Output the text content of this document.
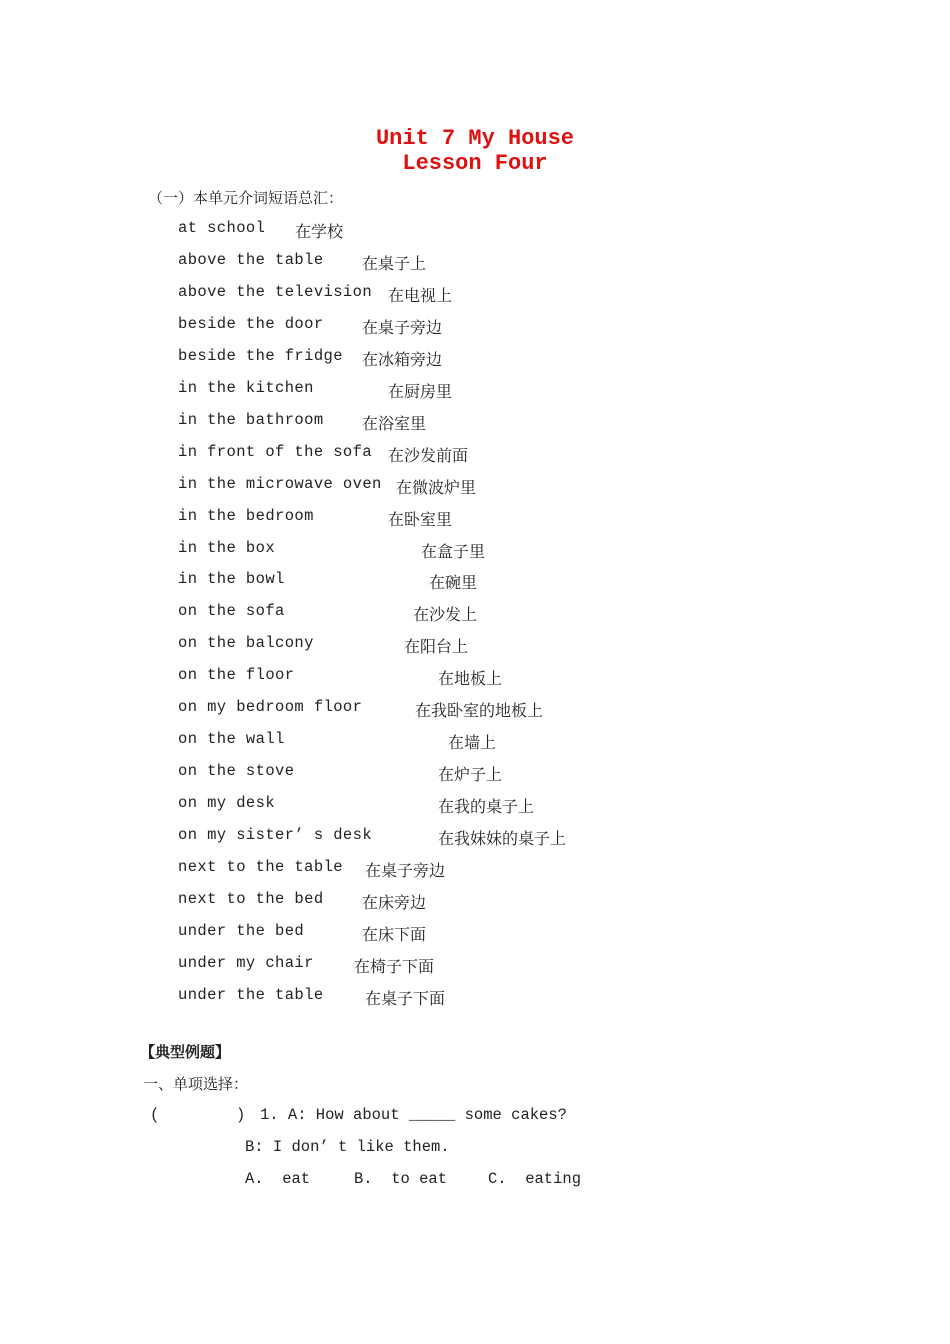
Unit 7 My House
Lesson Four
（一）本单元介词短语总汇：
at school 在学校
above the table 在桌子上
above the television 在电视上
beside the door 在桌子旁边
beside the fridge 在冰箱旁边
in the kitchen	在厨房里
in the bathroom 在浴室里
in front of the sofa 在沙发前面
in the microwave oven 在微波炉里
in the bedroom	在卧室里
in the box	在盒子里
in the bowl	在碗里
on the sofa	在沙发上
on the balcony	在阳台上
on the floor	在地板上
on my bedroom floor	在我卧室的地板上
on the wall	在墙上
on the stove	在炉子上
on my desk	在我的桌子上
on my sister’ s desk	在我妹妹的桌子上
next to the table 在桌子旁边
next to the bed 在床旁边
under the bed	在床下面
under my chair	在椅子下面
under the table	在桌子下面
【典型例题】
一、单项选择：
(	) 1. A: How about _____ some cakes?
B: I don’ t like them.
A.  eat	B.  to eat	C.  eating
